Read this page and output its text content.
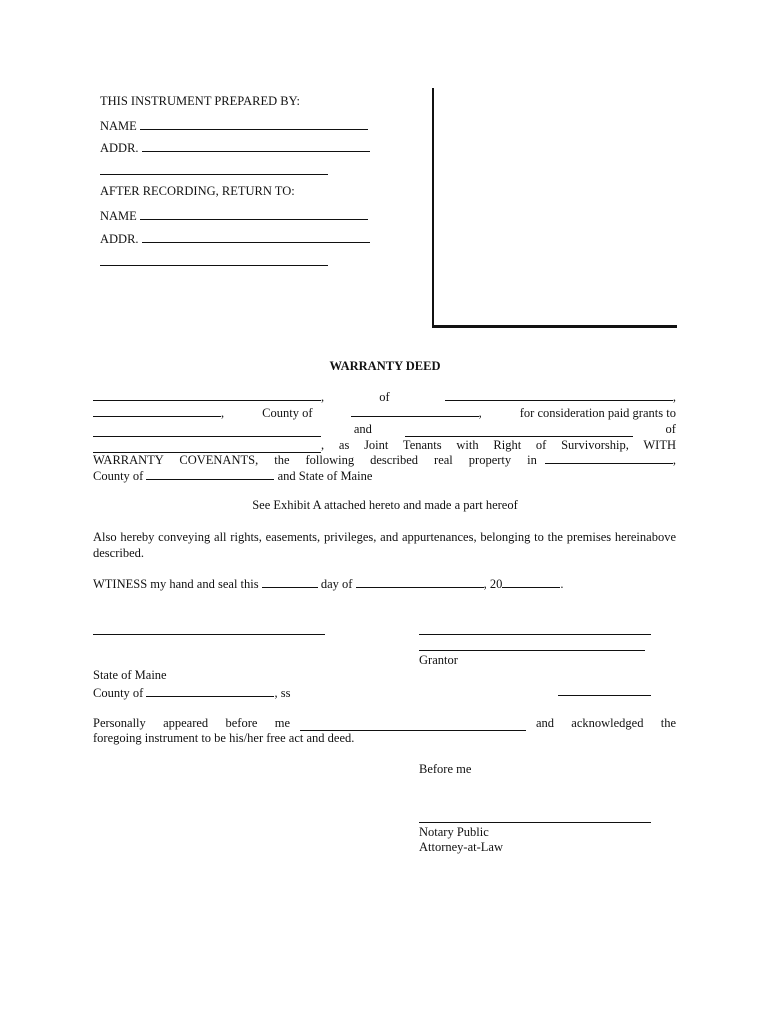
THIS INSTRUMENT PREPARED BY:
NAME
ADDR.
AFTER RECORDING, RETURN TO:
NAME
ADDR.
WARRANTY DEED
,	of	,
,	County of	,	for consideration paid grants to
and	of
, as Joint Tenants with Right of Survivorship, WITH
WARRANTY COVENANTS, the following described real property in	,
County of	and State of Maine
See Exhibit A attached hereto and made a part hereof
Also hereby conveying all rights, easements, privileges, and appurtenances, belonging to the premises hereinabove described.
WTINESS my hand and seal this	day of	, 20	.
Grantor
State of Maine
County of	, ss
Personally appeared before me	and acknowledged the
foregoing instrument to be his/her free act and deed.
Before me
Notary Public
Attorney-at-Law
